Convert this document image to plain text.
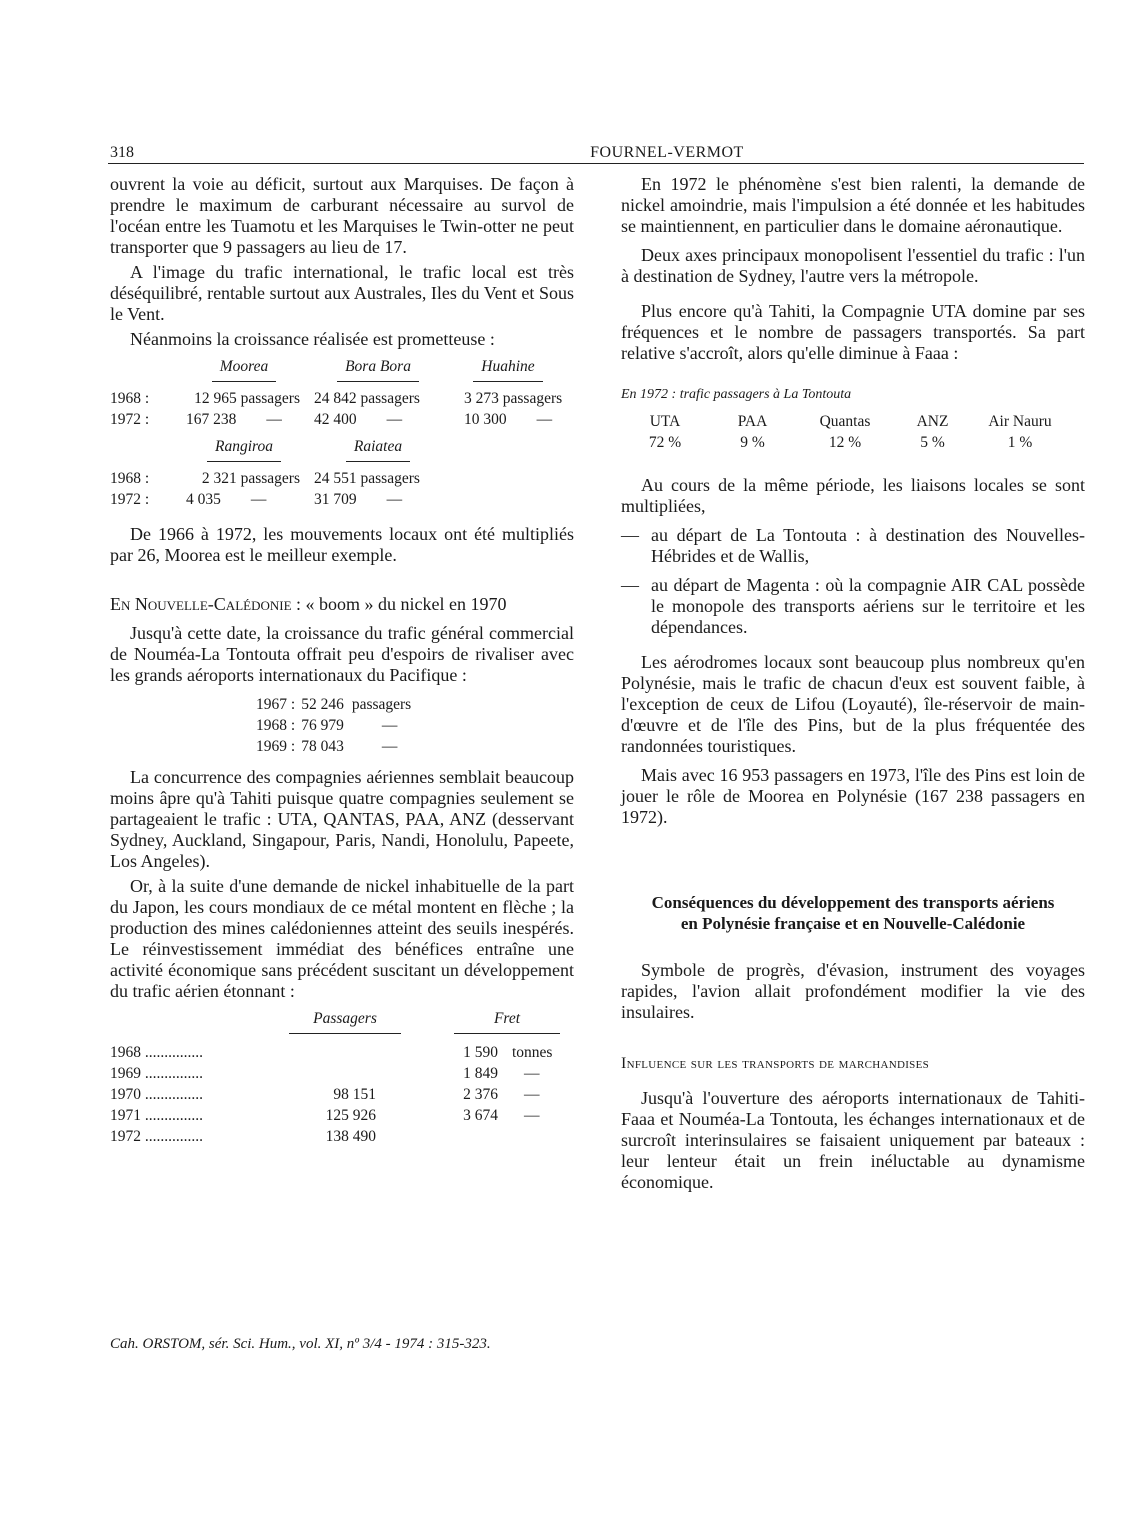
318	FOURNEL-VERMOT

ouvrent la voie au déficit, surtout aux Marquises. De façon à prendre le maximum de carburant nécessaire au survol de l'océan entre les Tuamotu et les Marquises le Twin-otter ne peut transporter que 9 passagers au lieu de 17.

A l'image du trafic international, le trafic local est très déséquilibré, rentable surtout aux Australes, Iles du Vent et Sous le Vent.

Néanmoins la croissance réalisée est prometteuse :

	Moorea	Bora Bora	Huahine

1968 :	12 965 passagers	24 842 passagers	3 273 passagers
1972 :	167 238 —	42 400 —	10 300 —

	Rangiroa	Raiatea	

1968 :	2 321 passagers	24 551 passagers	
1972 :	4 035 —	31 709 —	

De 1966 à 1972, les mouvements locaux ont été multipliés par 26, Moorea est le meilleur exemple.

En Nouvelle-Calédonie : « boom » du nickel en 1970

Jusqu'à cette date, la croissance du trafic général commercial de Nouméa-La Tontouta offrait peu d'espoirs de rivaliser avec les grands aéroports internationaux du Pacifique :

1967 :	52 246	passagers
1968 :	76 979	—
1969 :	78 043	—

La concurrence des compagnies aériennes semblait beaucoup moins âpre qu'à Tahiti puisque quatre compagnies seulement se partageaient le trafic : UTA, QANTAS, PAA, ANZ (desservant Sydney, Auckland, Singapour, Paris, Nandi, Honolulu, Papeete, Los Angeles).

Or, à la suite d'une demande de nickel inhabituelle de la part du Japon, les cours mondiaux de ce métal montent en flèche ; la production des mines calédoniennes atteint des seuils inespérés. Le réinvestissement immédiat des bénéfices entraîne une activité économique sans précédent suscitant un développement du trafic aérien étonnant :

	Passagers		Fret

1968 ...............			1 590 tonnes
1969 ...............			1 849 —
1970 ...............	98 151		2 376 —
1971 ...............	125 926		3 674 —
1972 ...............	138 490		

En 1972 le phénomène s'est bien ralenti, la demande de nickel amoindrie, mais l'impulsion a été donnée et les habitudes se maintiennent, en particulier dans le domaine aéronautique.

Deux axes principaux monopolisent l'essentiel du trafic : l'un à destination de Sydney, l'autre vers la métropole.

Plus encore qu'à Tahiti, la Compagnie UTA domine par ses fréquences et le nombre de passagers transportés. Sa part relative s'accroît, alors qu'elle diminue à Faaa :

En 1972 : trafic passagers à La Tontouta
UTA	PAA	Quantas	ANZ	Air Nauru
72 %	9 %	12 %	5 %	1 %

Au cours de la même période, les liaisons locales se sont multipliées,

— au départ de La Tontouta : à destination des Nouvelles-Hébrides et de Wallis,
— au départ de Magenta : où la compagnie AIR CAL possède le monopole des transports aériens sur le territoire et les dépendances.

Les aérodromes locaux sont beaucoup plus nombreux qu'en Polynésie, mais le trafic de chacun d'eux est souvent faible, à l'exception de ceux de Lifou (Loyauté), île-réservoir de main-d'œuvre et de l'île des Pins, but de la plus fréquentée des randonnées touristiques.

Mais avec 16 953 passagers en 1973, l'île des Pins est loin de jouer le rôle de Moorea en Polynésie (167 238 passagers en 1972).

Conséquences du développement des transports aériens
en Polynésie française et en Nouvelle-Calédonie

Symbole de progrès, d'évasion, instrument des voyages rapides, l'avion allait profondément modifier la vie des insulaires.

Influence sur les transports de marchandises

Jusqu'à l'ouverture des aéroports internationaux de Tahiti-Faaa et Nouméa-La Tontouta, les échanges internationaux et de surcroît interinsulaires se faisaient uniquement par bateaux : leur lenteur était un frein inéluctable au dynamisme économique.

Cah. ORSTOM, sér. Sci. Hum., vol. XI, nº 3/4 - 1974 : 315-323.
